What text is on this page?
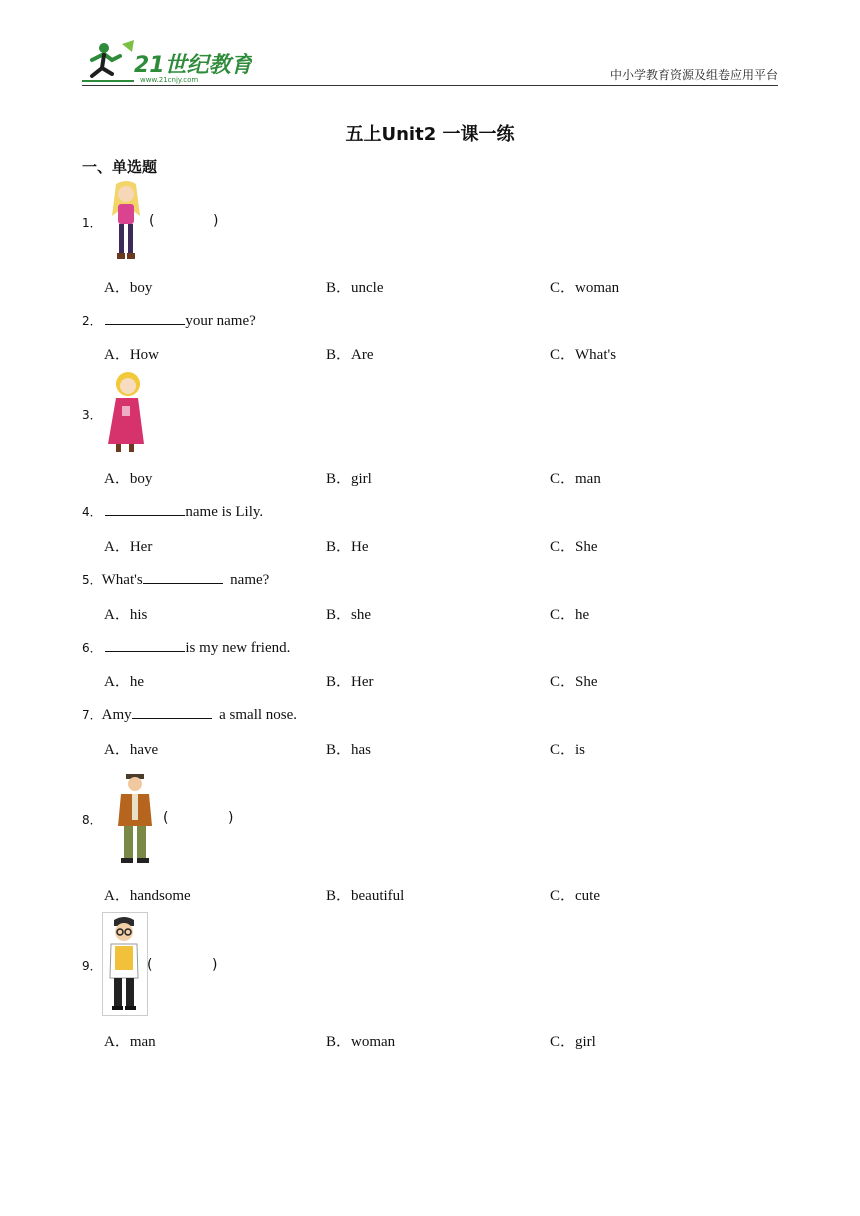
21世纪教育
www.21cnjy.com	中小学教育资源及组卷应用平台
五上Unit2 一课一练
一、单选题
1．	(	)
A．boy	B．uncle	C．woman
2．	your name?
A．How	B．Are	C．What's
3．
A．boy	B．girl	C．man
4．	name is Lily.
A．Her	B．He	C．She
5．What's	name?
A．his	B．she	C．he
6．	is my new friend.
A．he	B．Her	C．She
7．Amy	a small nose.
A．have	B．has	C．is
8．	(	)
A．handsome	B．beautiful	C．cute
9．	(	)
A．man	B．woman	C．girl
